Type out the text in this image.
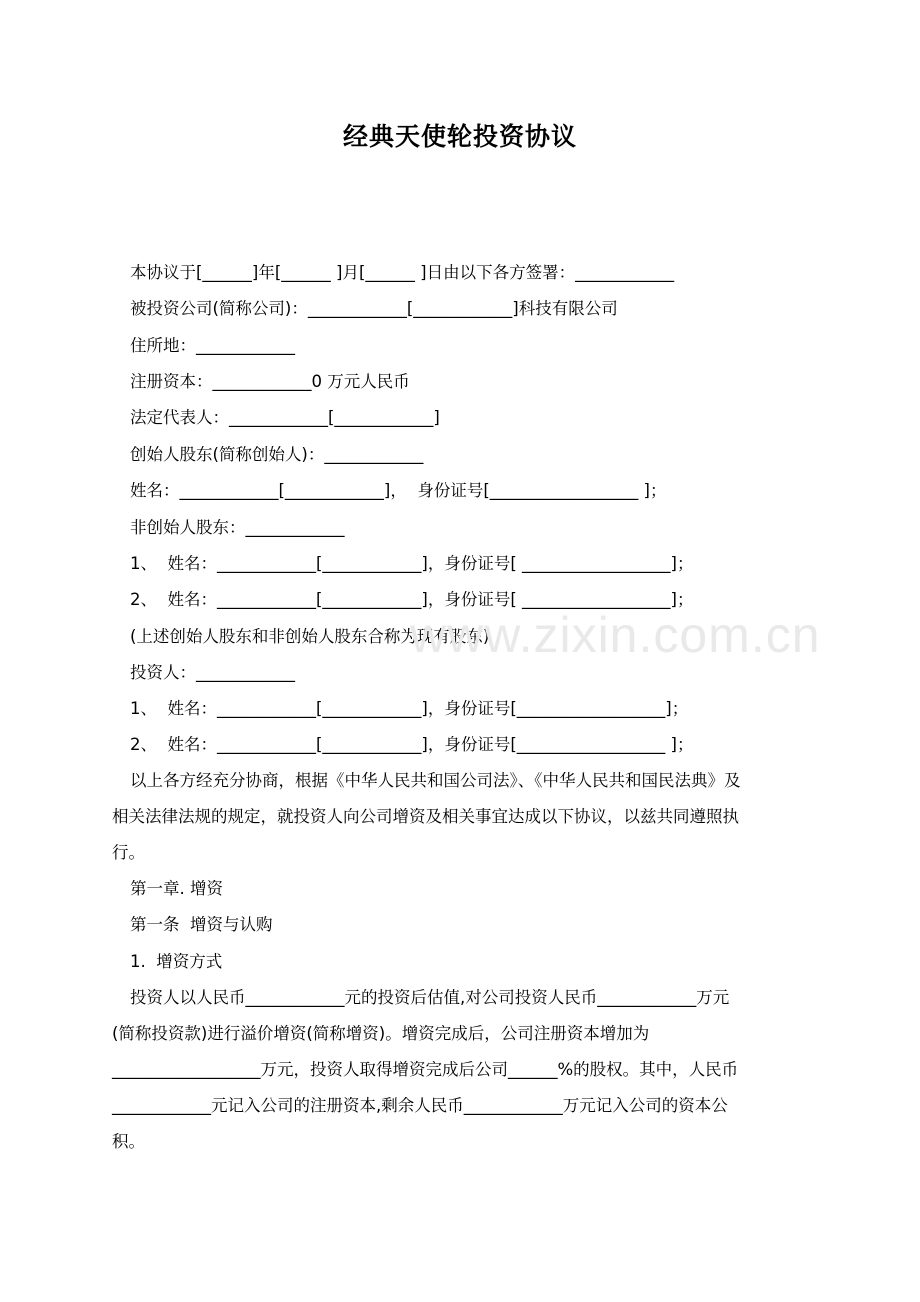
经典天使轮投资协议

本协议于[______]年[______ ]月[______ ]日由以下各方签署：____________

被投资公司(简称公司)：____________[____________]科技有限公司

住所地：____________

注册资本：____________0 万元人民币

法定代表人：____________[____________]

创始人股东(简称创始人)：____________

姓名：____________[____________]，  身份证号[__________________ ]；

非创始人股东：____________

1、  姓名：____________[____________]，身份证号[ __________________]；

2、  姓名：____________[____________]，身份证号[ __________________]；

(上述创始人股东和非创始人股东合称为现有股东)

投资人：____________

1、  姓名：____________[____________]，身份证号[__________________]；

2、  姓名：____________[____________]，身份证号[__________________ ]；

以上各方经充分协商，根据《中华人民共和国公司法》、《中华人民共和国民法典》及
相关法律法规的规定，就投资人向公司增资及相关事宜达成以下协议，以兹共同遵照执
行。

第一章. 增资

第一条  增资与认购

1.  增资方式

投资人以人民币____________元的投资后估值,对公司投资人民币____________万元
(简称投资款)进行溢价增资(简称增资)。增资完成后，公司注册资本增加为
__________________万元，投资人取得增资完成后公司______%的股权。其中，人民币
____________元记入公司的注册资本,剩余人民币____________万元记入公司的资本公
积。
www.zixin.com.cn
